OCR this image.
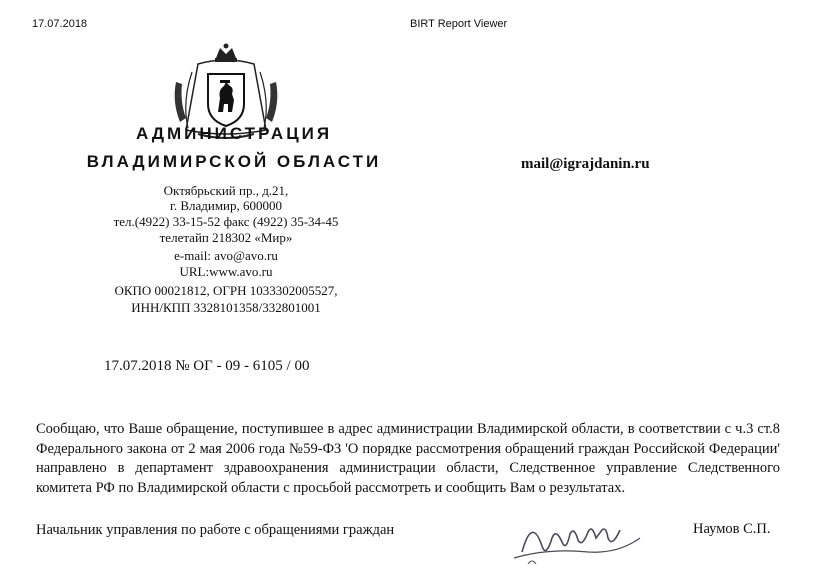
17.07.2018	BIRT Report Viewer
АДМИНИСТРАЦИЯ
ВЛАДИМИРСКОЙ ОБЛАСТИ	mail@igrajdanin.ru
Октябрьский пр., д.21,
г. Владимир, 600000
тел.(4922) 33-15-52 факс (4922) 35-34-45
телетайп 218302 «Мир»
e-mail: avo@avo.ru
URL:www.avo.ru
ОКПО 00021812, ОГРН 1033302005527,
ИНН/КПП 3328101358/332801001
17.07.2018 № ОГ - 09 - 6105 / 00
Сообщаю, что Ваше обращение, поступившее в адрес администрации Владимирской области, в соответствии с ч.3 ст.8 Федерального закона от 2 мая 2006 года №59-ФЗ 'О порядке рассмотрения обращений граждан Российской Федерации' направлено в департамент здравоохранения администрации области, Следственное управление Следственного комитета РФ по Владимирской области с просьбой рассмотреть и сообщить Вам о результатах.
Начальник управления по работе с обращениями граждан	Наумов С.П.
